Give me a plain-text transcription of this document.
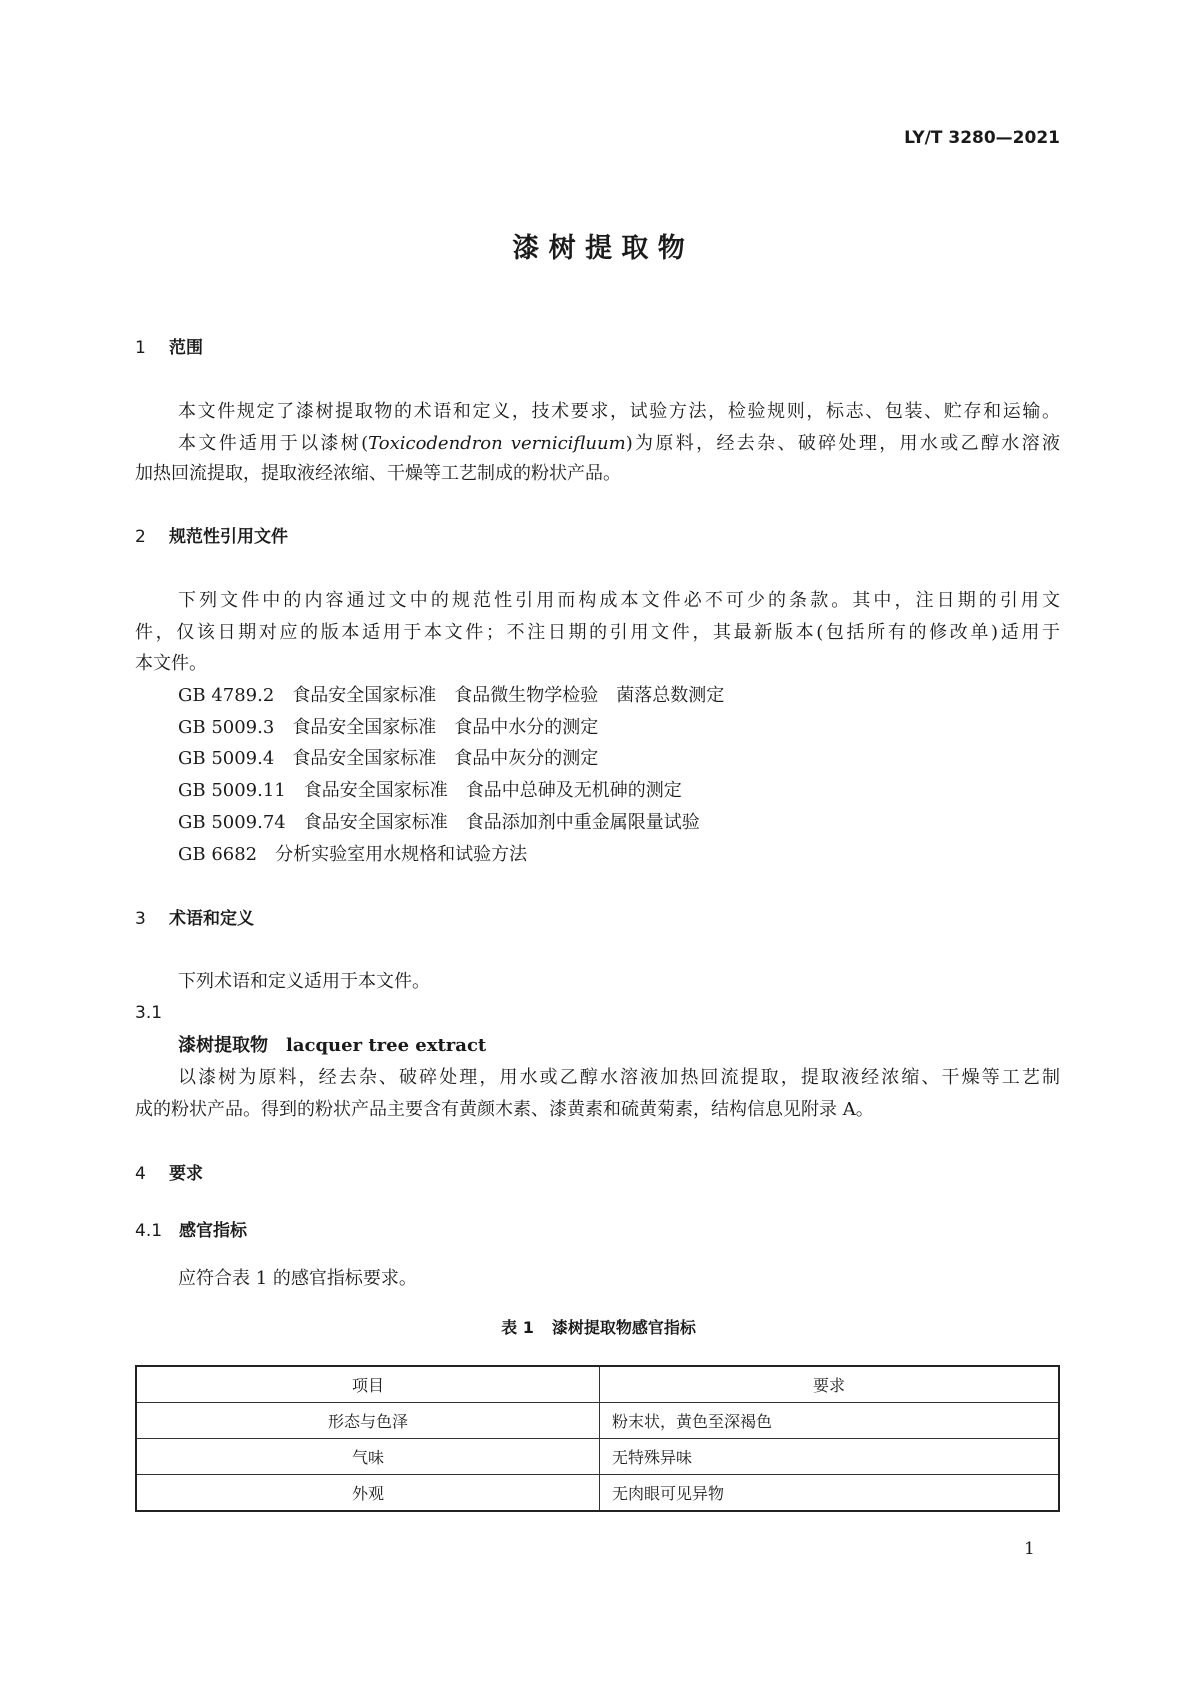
LY/T 3280—2021
漆 树 提 取 物
1 范围
本文件规定了漆树提取物的术语和定义，技术要求，试验方法，检验规则，标志、包装、贮存和运输。
本文件适用于以漆树(Toxicodendron vernicifluum)为原料，经去杂、破碎处理，用水或乙醇水溶液
加热回流提取，提取液经浓缩、干燥等工艺制成的粉状产品。
2 规范性引用文件
下列文件中的内容通过文中的规范性引用而构成本文件必不可少的条款。其中，注日期的引用文
件，仅该日期对应的版本适用于本文件；不注日期的引用文件，其最新版本(包括所有的修改单)适用于
本文件。
GB 4789.2 食品安全国家标准　食品微生物学检验　菌落总数测定
GB 5009.3 食品安全国家标准　食品中水分的测定
GB 5009.4 食品安全国家标准　食品中灰分的测定
GB 5009.11 食品安全国家标准　食品中总砷及无机砷的测定
GB 5009.74 食品安全国家标准　食品添加剂中重金属限量试验
GB 6682 分析实验室用水规格和试验方法
3 术语和定义
下列术语和定义适用于本文件。
3.1
漆树提取物 lacquer tree extract
以漆树为原料，经去杂、破碎处理，用水或乙醇水溶液加热回流提取，提取液经浓缩、干燥等工艺制
成的粉状产品。得到的粉状产品主要含有黄颜木素、漆黄素和硫黄菊素，结构信息见附录 A。
4 要求
4.1 感官指标
应符合表 1 的感官指标要求。
表 1 漆树提取物感官指标
项目	要求
形态与色泽	粉末状，黄色至深褐色
气味	无特殊异味
外观	无肉眼可见异物
1
